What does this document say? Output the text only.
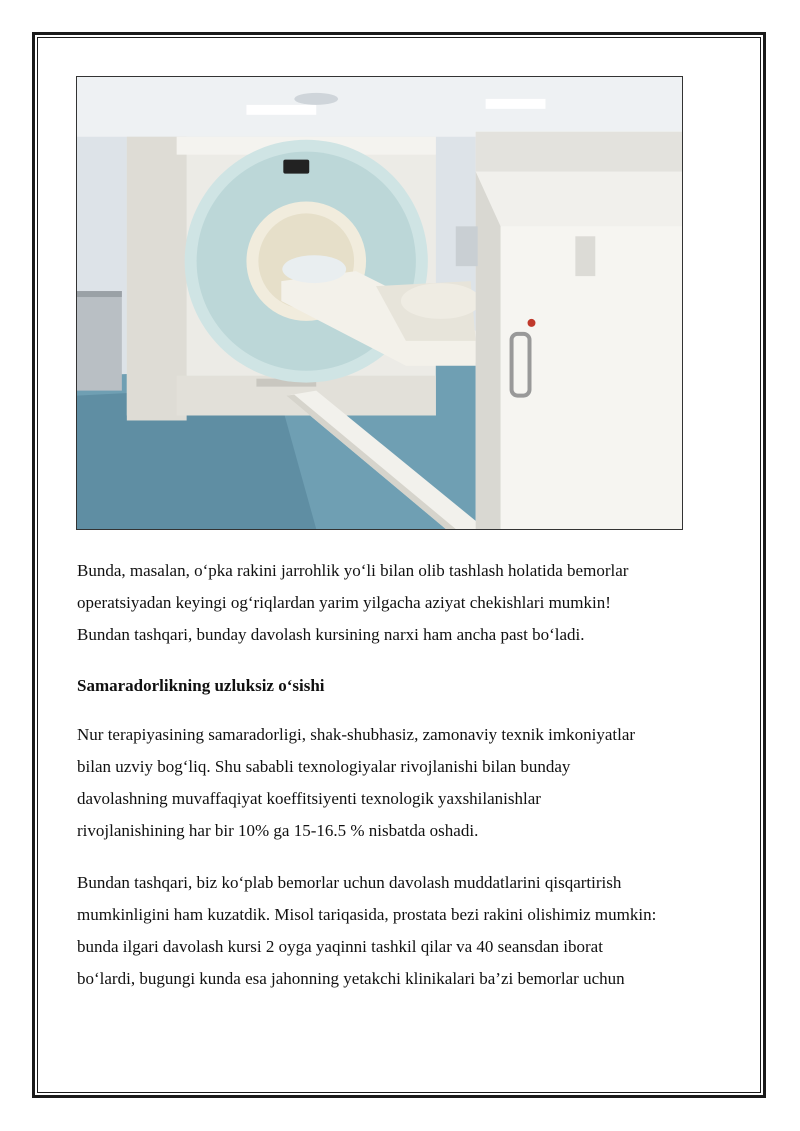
Bunda, masalan, o‘pka rakini jarrohlik yo‘li bilan olib tashlash holatida bemorlar
operatsiyadan keyingi og‘riqlardan yarim yilgacha aziyat chekishlari mumkin!
Bundan tashqari, bunday davolash kursining narxi ham ancha past bo‘ladi.

Samaradorlikning uzluksiz o‘sishi

Nur terapiyasining samaradorligi, shak-shubhasiz, zamonaviy texnik imkoniyatlar
bilan uzviy bog‘liq. Shu sababli texnologiyalar rivojlanishi bilan bunday
davolashning muvaffaqiyat koeffitsiyenti texnologik yaxshilanishlar
rivojlanishining har bir 10% ga 15-16.5 % nisbatda oshadi.

Bundan tashqari, biz ko‘plab bemorlar uchun davolash muddatlarini qisqartirish
mumkinligini ham kuzatdik. Misol tariqasida, prostata bezi rakini olishimiz mumkin:
bunda ilgari davolash kursi 2 oyga yaqinni tashkil qilar va 40 seansdan iborat
bo‘lardi, bugungi kunda esa jahonning yetakchi klinikalari ba’zi bemorlar uchun
